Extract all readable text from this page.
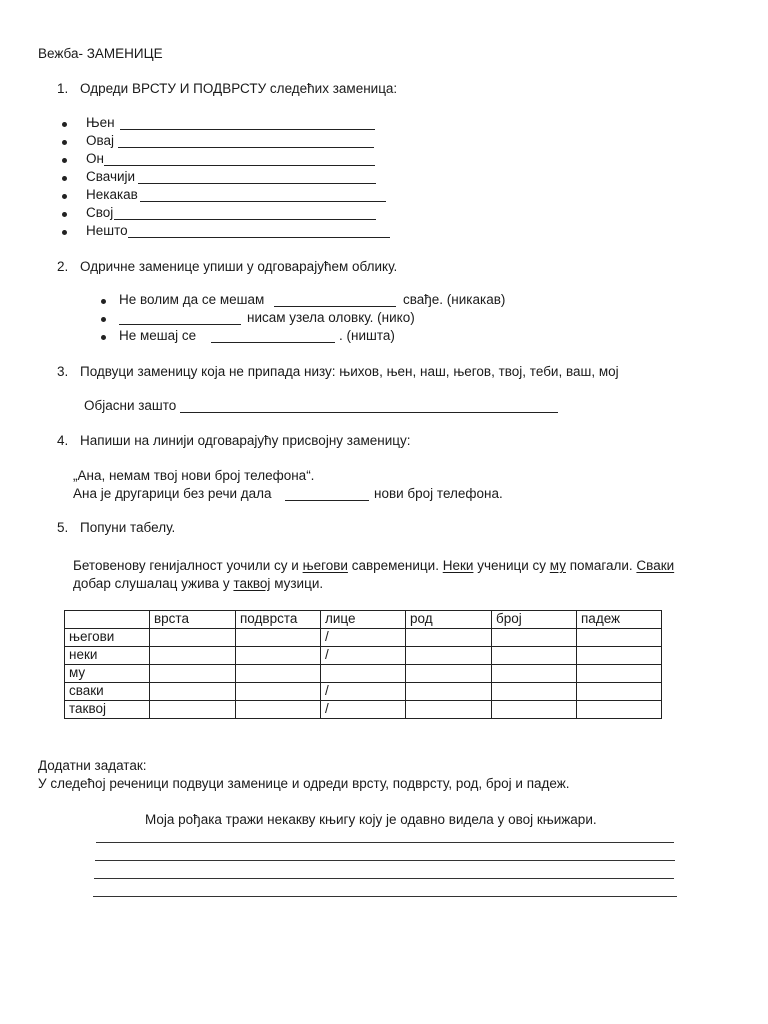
Вежба- ЗАМЕНИЦЕ
1. Одреди ВРСТУ И ПОДВРСТУ следећих заменица:
Њен
Овај
Он
Свачији
Некакав
Свој
Нешто
2. Одричне заменице упиши у одговарајућем облику.
Не волим да се мешам	свађе. (никакав)
нисам узела оловку. (нико)
Не мешај се	. (ништа)
3. Подвуци заменицу која не припада низу: њихов, њен, наш, његов, твој, теби, ваш, мој
Објасни зашто
4. Напиши на линији одговарајућу присвојну заменицу:
„Ана, немам твој нови број телефона“.
Ана је другарици без речи дала	нови број телефона.
5. Попуни табелу.
Бетовенову генијалност уочили су и његови савременици. Неки ученици су му помагали. Сваки
добар слушалац ужива у таквој музици.
	врста	подврста	лице	род	број	падеж
његови			/			
неки			/			
му						
сваки			/			
таквој			/			
Додатни задатак:
У следећој реченици подвуци заменице и одреди врсту, подврсту, род, број и падеж.
Моја рођака тражи некакву књигу коју је одавно видела у овој књижари.
